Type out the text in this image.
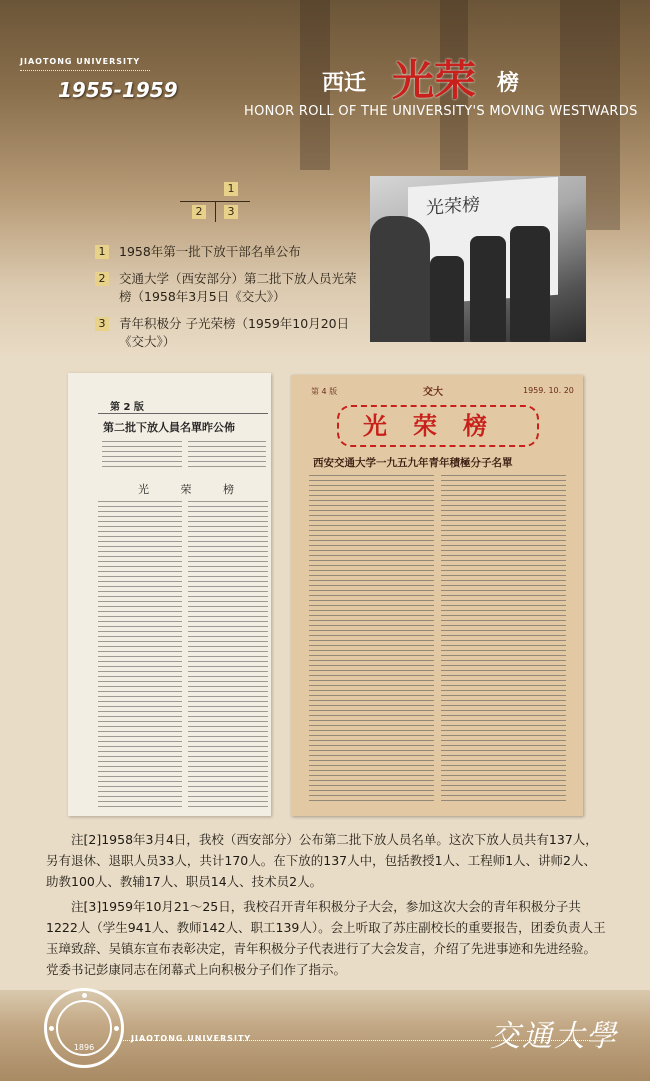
JIAOTONG UNIVERSITY
1955-1959	西迁 光荣 榜
HONOR ROLL OF THE UNIVERSITY'S MOVING WESTWARDS
1
2	3
1 1958年第一批下放干部名单公布
2 交通大学（西安部分）第二批下放人员光荣榜（1958年3月5日《交大》）
3 青年积极分 子光荣榜（1959年10月20日《交大》）
光荣榜
第 2 版
第二批下放人員名單昨公佈
光 荣 榜
第 4 版	交大	1959. 10. 20
光荣榜
西安交通大学一九五九年青年積極分子名單

注[2]1958年3月4日，我校（西安部分）公布第二批下放人员名单。这次下放人员共有137人，另有退休、退职人员33人，共计170人。在下放的137人中，包括教授1人、工程师1人、讲师2人、助教100人、教辅17人、职员14人、技术员2人。

注[3]1959年10月21～25日，我校召开青年积极分子大会，参加这次大会的青年积极分子共1222人（学生941人、教师142人、职工139人）。会上听取了苏庄副校长的重要报告，团委负责人王玉璋致辞、吴镇东宣布表彰决定，青年积极分子代表进行了大会发言，介绍了先进事迹和先进经验。党委书记彭康同志在闭幕式上向积极分子们作了指示。

1896
JIAOTONG UNIVERSITY	交通大學
